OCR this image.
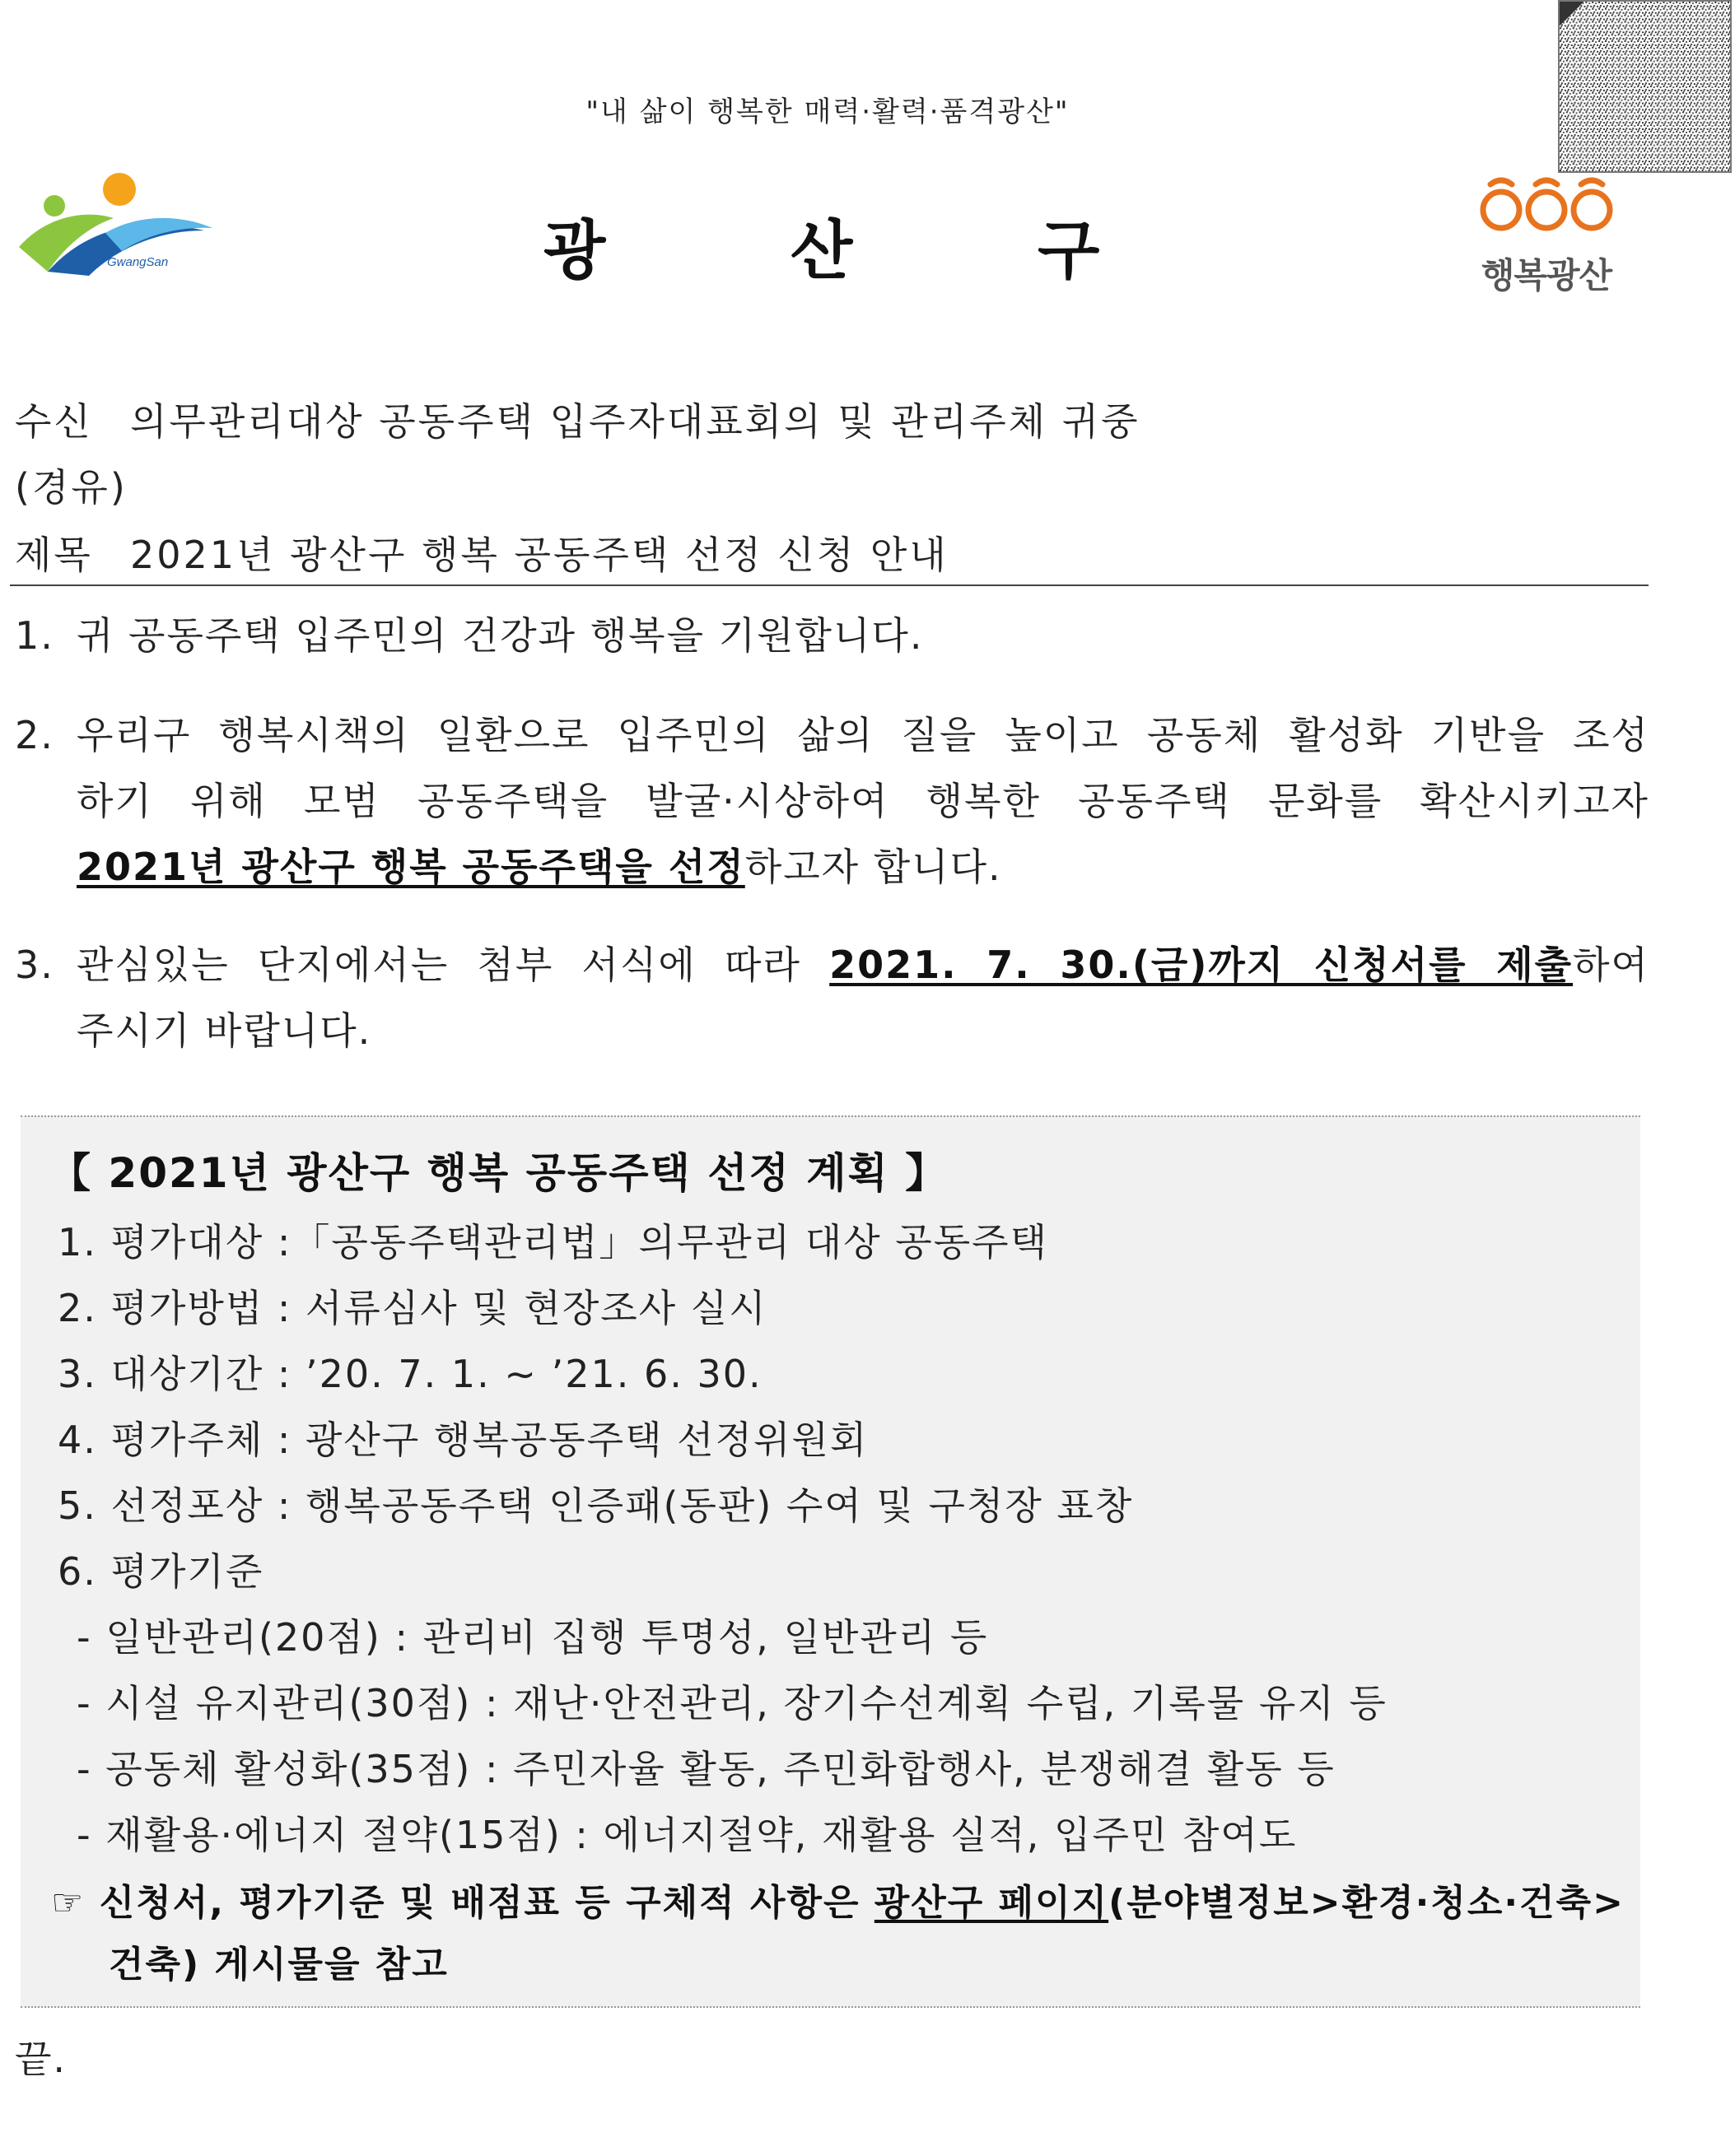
"내 삶이 행복한 매력·활력·품격광산"
GwangSan	광	산	구	행복광산
수신 의무관리대상 공동주택 입주자대표회의 및 관리주체 귀중
(경유)
제목 2021년 광산구 행복 공동주택 선정 신청 안내
1. 귀 공동주택 입주민의 건강과 행복을 기원합니다.
2. 우리구 행복시책의 일환으로 입주민의 삶의 질을 높이고 공동체 활성화 기반을 조성
하기 위해 모범 공동주택을 발굴·시상하여 행복한 공동주택 문화를 확산시키고자
2021년 광산구 행복 공동주택을 선정하고자 합니다.
3. 관심있는 단지에서는 첨부 서식에 따라 2021. 7. 30.(금)까지 신청서를 제출하여
주시기 바랍니다.
【 2021년 광산구 행복 공동주택 선정 계획 】
1. 평가대상 :「공동주택관리법」의무관리 대상 공동주택
2. 평가방법 : 서류심사 및 현장조사 실시
3. 대상기간 : ’20. 7. 1. ~ ’21. 6. 30.
4. 평가주체 : 광산구 행복공동주택 선정위원회
5. 선정포상 : 행복공동주택 인증패(동판) 수여 및 구청장 표창
6. 평가기준
- 일반관리(20점) : 관리비 집행 투명성, 일반관리 등
- 시설 유지관리(30점) : 재난·안전관리, 장기수선계획 수립, 기록물 유지 등
- 공동체 활성화(35점) : 주민자율 활동, 주민화합행사, 분쟁해결 활동 등
- 재활용·에너지 절약(15점) : 에너지절약, 재활용 실적, 입주민 참여도
☞ 신청서, 평가기준 및 배점표 등 구체적 사항은 광산구 페이지(분야별정보>환경·청소·건축>
건축) 게시물을 참고
끝.
